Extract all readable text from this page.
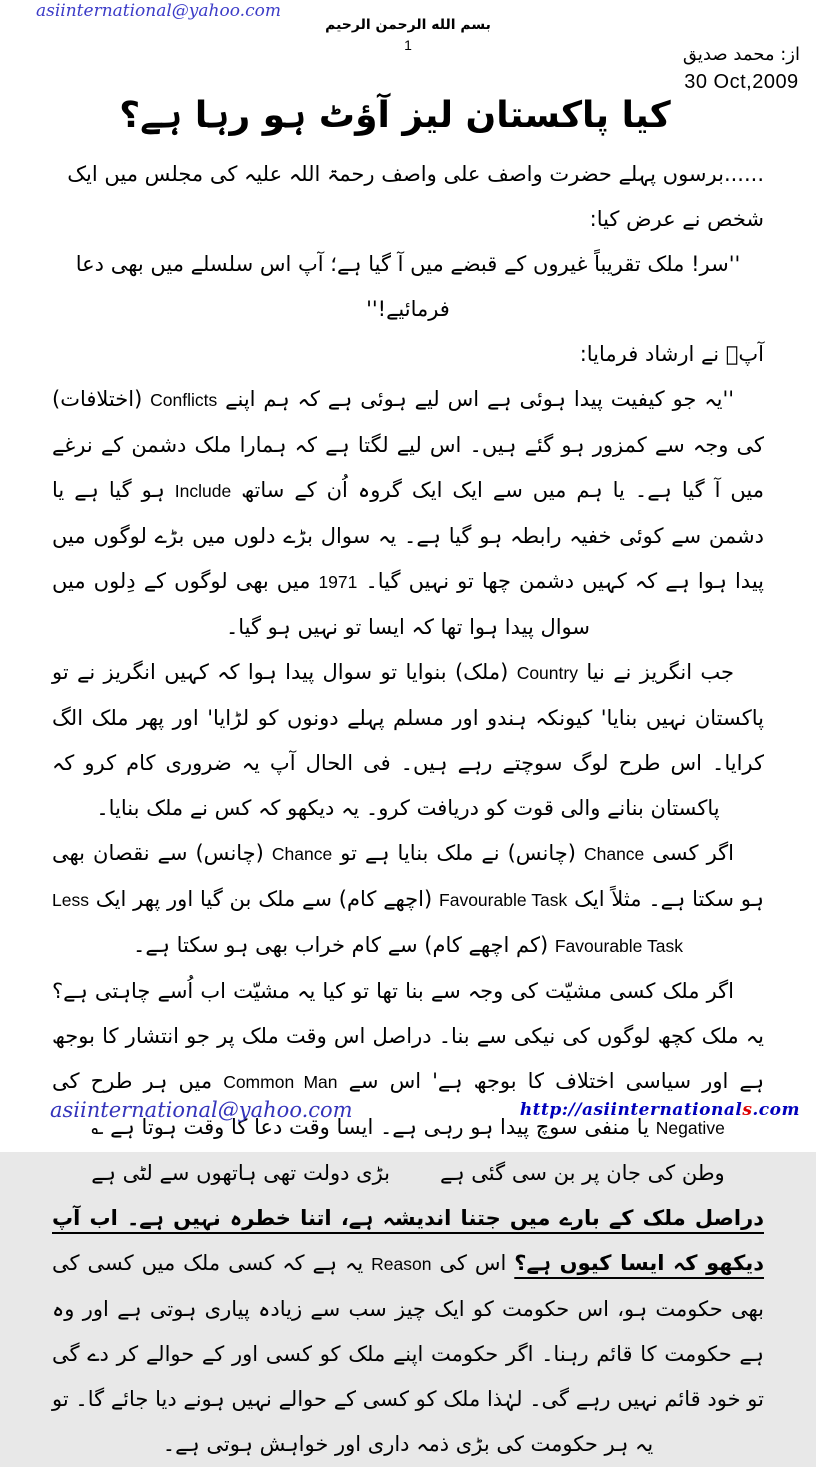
asiinternational@yahoo.com
بسم الله الرحمن الرحيم
1	از: محمد صديق
30 Oct,2009
کیا پاکستان لیز آؤٹ ہو رہا ہے؟

......برسوں پہلے حضرت واصف علی واصف رحمۃ اللہ علیہ کی مجلس میں ایک شخص نے عرض کیا:

''سر! ملک تقریباً غیروں کے قبضے میں آ گیا ہے؛ آپ اس سلسلے میں بھی دعا فرمائیے!''

آپؒ نے ارشاد فرمایا:

''یہ جو کیفیت پیدا ہوئی ہے اس لیے ہوئی ہے کہ ہم اپنے Conflicts (اختلافات) کی وجہ سے کمزور ہو گئے ہیں۔ اس لیے لگتا ہے کہ ہمارا ملک دشمن کے نرغے میں آ گیا ہے۔ یا ہم میں سے ایک ایک گروہ اُن کے ساتھ Include ہو گیا ہے یا دشمن سے کوئی خفیہ رابطہ ہو گیا ہے۔ یہ سوال بڑے دلوں میں بڑے لوگوں میں پیدا ہوا ہے کہ کہیں دشمن چھا تو نہیں گیا۔ 1971 میں بھی لوگوں کے دِلوں میں سوال پیدا ہوا تھا کہ ایسا تو نہیں ہو گیا۔

جب انگریز نے نیا Country (ملک) بنوایا تو سوال پیدا ہوا کہ کہیں انگریز نے تو پاکستان نہیں بنایا' کیونکہ ہندو اور مسلم پہلے دونوں کو لڑایا' اور پھر ملک الگ کرایا۔ اس طرح لوگ سوچتے رہے ہیں۔ فی الحال آپ یہ ضروری کام کرو کہ پاکستان بنانے والی قوت کو دریافت کرو۔ یہ دیکھو کہ کس نے ملک بنایا۔

اگر کسی Chance (چانس) نے ملک بنایا ہے تو Chance (چانس) سے نقصان بھی ہو سکتا ہے۔ مثلاً ایک Favourable Task (اچھے کام) سے ملک بن گیا اور پھر ایک Less Favourable Task (کم اچھے کام) سے کام خراب بھی ہو سکتا ہے۔

اگر ملک کسی مشیّت کی وجہ سے بنا تھا تو کیا یہ مشیّت اب اُسے چاہتی ہے؟ یہ ملک کچھ لوگوں کی نیکی سے بنا۔ دراصل اس وقت ملک پر جو انتشار کا بوجھ ہے اور سیاسی اختلاف کا بوجھ ہے' اس سے Common Man میں ہر طرح کی Negative یا منفی سوچ پیدا ہو رہی ہے۔ ایسا وقت دعا کا وقت ہوتا ہے ؎

وطن کی جان پر بن سی گئی ہے
بڑی دولت تھی ہاتھوں سے لٹی ہے

دراصل ملک کے بارے میں جتنا اندیشہ ہے، اتنا خطرہ نہیں ہے۔ اب آپ دیکھو کہ ایسا کیوں ہے؟ اس کی Reason یہ ہے کہ کسی ملک میں کسی کی بھی حکومت ہو، اس حکومت کو ایک چیز سب سے زیادہ پیاری ہوتی ہے اور وہ ہے حکومت کا قائم رہنا۔ اگر حکومت اپنے ملک کو کسی اور کے حوالے کر دے گی تو خود قائم نہیں رہے گی۔ لہٰذا ملک کو کسی کے حوالے نہیں ہونے دیا جائے گا۔ تو یہ ہر حکومت کی بڑی ذمہ داری اور خواہش ہوتی ہے۔

asiinternational@yahoo.com	http://asiinternationals.com
